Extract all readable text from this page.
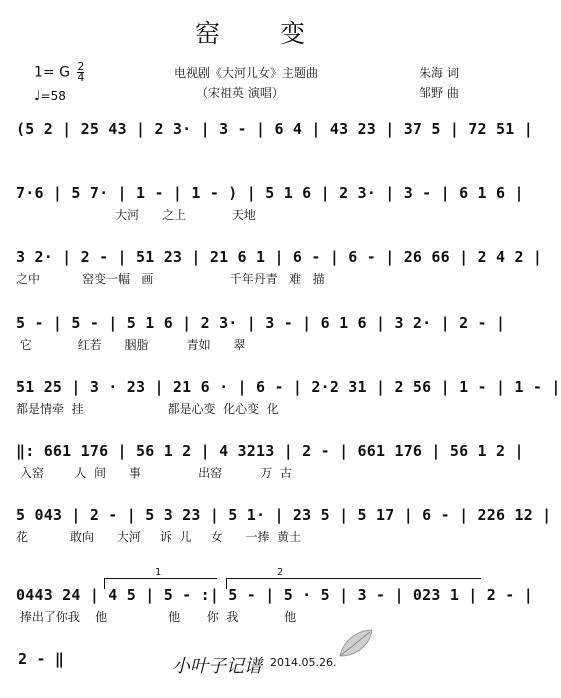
窑 变
1= G $\frac{2}{4}$
♩=58
电视剧《大河儿女》主题曲
（宋祖英 演唱）
朱海 词
邹野 曲
(5 2 | 25 43 | 2 3· | 3 - | 6 4 | 43 23 | 37 5 | 72 51 |
7·6 | 5 7· | 1 - | 1 - ) | 5 1 6 | 2 3· | 3 - | 6 1 6 |
大河      之上            天地
3 2· | 2 - | 51 23 | 21 6 1 | 6 - | 6 - | 26 66 | 2 4 2 |
之中           窑变一幅   画                    千年丹青   难   描
5 - | 5 - | 5 1 6 | 2 3· | 3 - | 6 1 6 | 3 2· | 2 - |
它            红若      胭脂          青如      翠
51 25 | 3 · 23 | 21 6 · | 6 - | 2·2 31 | 2 56 | 1 - | 1 - |
都是情牵  挂                      都是心变  化心变  化
‖: 661 176 | 56 1 2 | 4 3213 | 2 - | 661 176 | 56 1 2 |
入窑        人  间      事               出窑          万  古
5 043 | 2 - | 5 3 23 | 5 1· | 23 5 | 5 17 | 6 - | 226 12 |
花           敢向      大河     诉  儿     女      一捧  黄土
1	2
0443 24 | 4 5 | 5 - :| 5 - | 5 · 5 | 3 - | 023 1 | 2 - |
捧出了你我    他                他       你  我            他
2 - ‖	小叶子记谱 2014.05.26.
